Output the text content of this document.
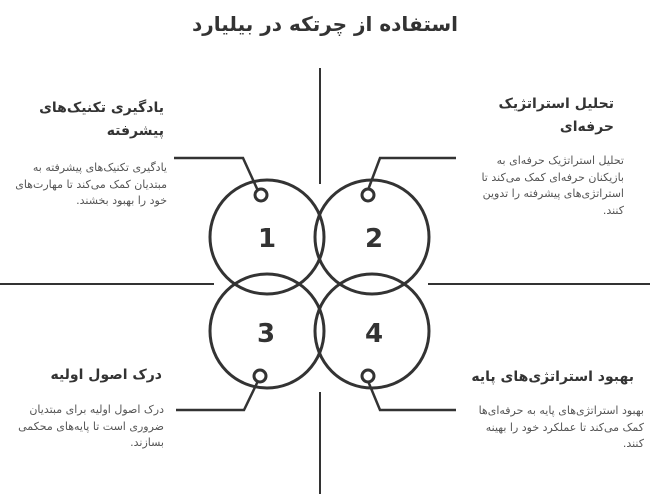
استفاده از چرتکه در بیلیارد
1	2
3	4
یادگیری تکنیک‌های پیشرفته
یادگیری تکنیک‌های پیشرفته به مبتدیان کمک می‌کند تا مهارت‌های خود را بهبود بخشند.
تحلیل استراتژیک حرفه‌ای
تحلیل استراتژیک حرفه‌ای به بازیکنان حرفه‌ای کمک می‌کند تا استراتژی‌های پیشرفته را تدوین کنند.
درک اصول اولیه
درک اصول اولیه برای مبتدیان ضروری است تا پایه‌های محکمی بسازند.
بهبود استراتژی‌های پایه
بهبود استراتژی‌های پایه به حرفه‌ای‌ها کمک می‌کند تا عملکرد خود را بهینه کنند.
